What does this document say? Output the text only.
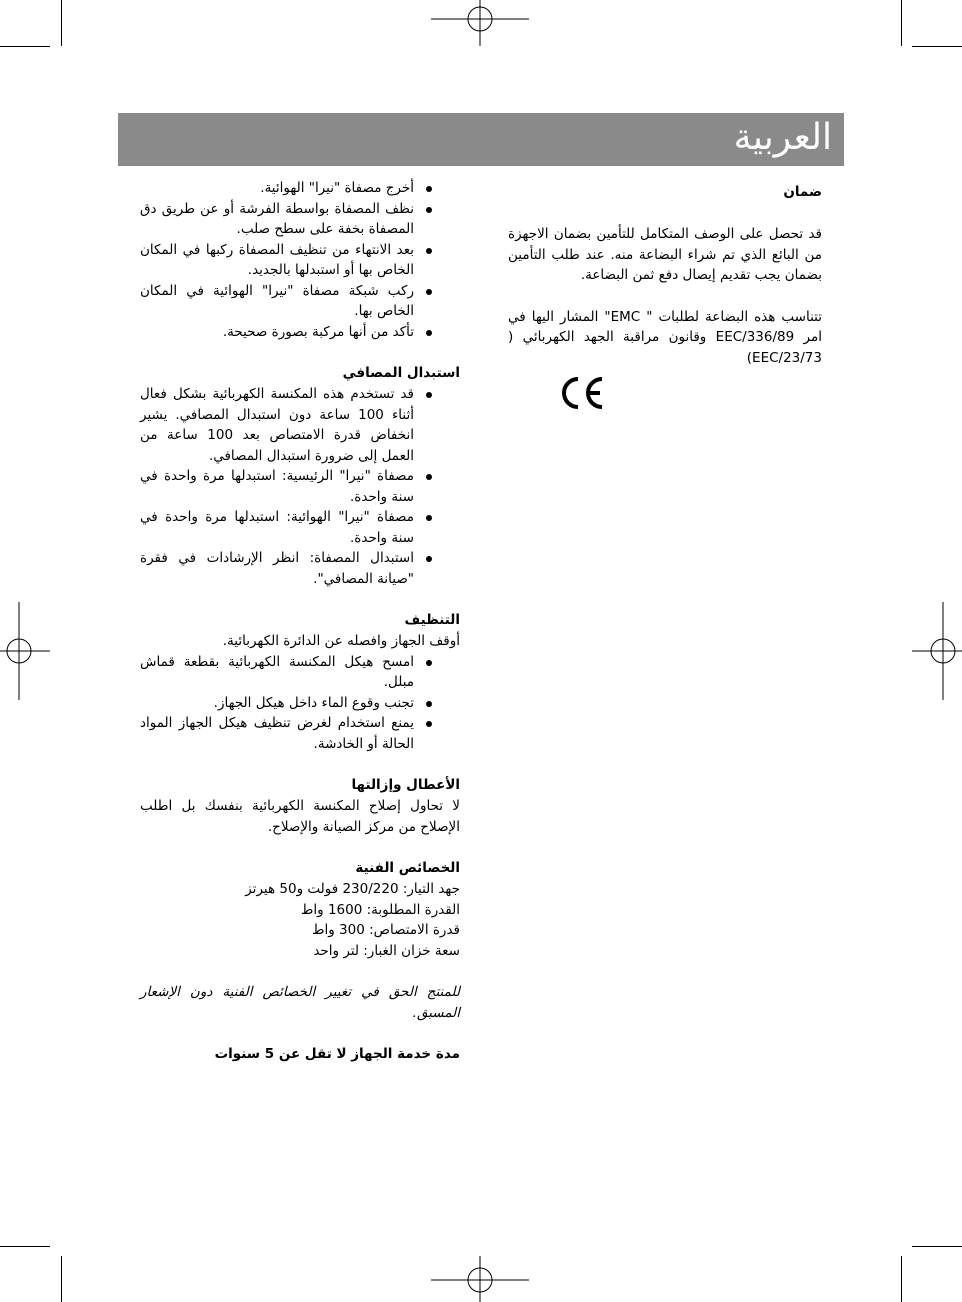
العربية
أخرج مصفاة "نيرا" الهوائية.
نظف المصفاة بواسطة الفرشة أو عن طريق دق المصفاة بخفة على سطح صلب.
بعد الانتهاء من تنظيف المصفاة ركبها في المكان الخاص بها أو استبدلها بالجديد.
ركب شبكة مصفاة "نيرا" الهوائية في المكان الخاص بها.
تأكد من أنها مركبة بصورة صحيحة.
استبدال المصافي
قد تستخدم هذه المكنسة الكهربائية بشكل فعال أثناء 100 ساعة دون استبدال المصافي. يشير انخفاض قدرة الامتصاص بعد 100 ساعة من العمل إلى ضرورة استبدال المصافي.
مصفاة "نيرا" الرئيسية: استبدلها مرة واحدة في سنة واحدة.
مصفاة "نيرا" الهوائية: استبدلها مرة واحدة في سنة واحدة.
استبدال المصفاة: انظر الإرشادات في فقرة "صيانة المصافي".
التنظيف

أوقف الجهاز وافصله عن الدائرة الكهربائية.

امسح هيكل المكنسة الكهربائية بقطعة قماش مبلل.
تجنب وقوع الماء داخل هيكل الجهاز.
يمنع استخدام لغرض تنظيف هيكل الجهاز المواد الحالة أو الخادشة.
الأعطال وإزالتها

لا تحاول إصلاح المكنسة الكهربائية بنفسك بل اطلب الإصلاح من مركز الصيانة والإصلاح.

الخصائص الفنية

جهد التيار: 230/220 فولت و50 هيرتز

القدرة المطلوبة: 1600 واط

قدرة الامتصاص: 300 واط

سعة خزان الغبار: لتر واحد

للمنتج الحق في تغيير الخصائص الفنية دون الإشعار المسبق.

مدة خدمة الجهاز لا تقل عن 5 سنوات

ضمان

قد تحصل على الوصف المتكامل للتأمين بضمان الاجهزة من البائع الذي تم شراء البضاعة منه. عند طلب التأمين بضمان يجب تقديم إيصال دفع ثمن البضاعة.

تتناسب هذه البضاعة لطلبات " EMC" المشار اليها في امر EEC/336/89 وقانون مراقبة الجهد الكهربائي ( EEC/23/73)
